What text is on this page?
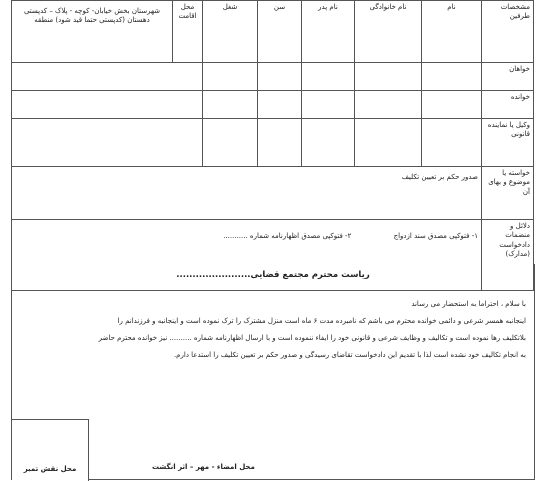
مشخصات طرفین	نام	نام خانوادگی	نام پدر	سن	شغل	محل اقامت	شهرستان بخش خیابان- کوچه - پلاک – کدپستی دهستان (کدپستی حتما قید شود) منطقه
خواهان							
خوانده							
وکیل یا نماینده قانونی							
خواسته یا موضوع و بهای آن	صدور حکم بر تعیین تکلیف						
دلائل و منضمات دادخواست (مدارک)	۱- فتوکپی مصدق سند ازدواج ۲- فتوکپی مصدق اظهارنامه شماره ...........						
ریاست محترم مجتمع قضایی.......................

با سلام ، احتراما به استحضار می رساند

اینجانبه همسر شرعی و دائمی خوانده محترم می باشم که نامبرده مدت ۶ ماه است منزل مشترک را ترک نموده است و اینجانبه و فرزندانم را

بلاتکلیف رها نموده است و تکالیف و وظایف شرعی و قانونی خود را ایفاء ننموده است و با ارسال اظهارنامه شماره .......... نیز خوانده محترم حاضر

به انجام تکالیف خود نشده است لذا با تقدیم این دادخواست تقاضای رسیدگی و صدور حکم بر تعیین تکلیف را استدعا دارم.

محل نقش تمبر	محل امضاء - مهر – اثر انگشت
